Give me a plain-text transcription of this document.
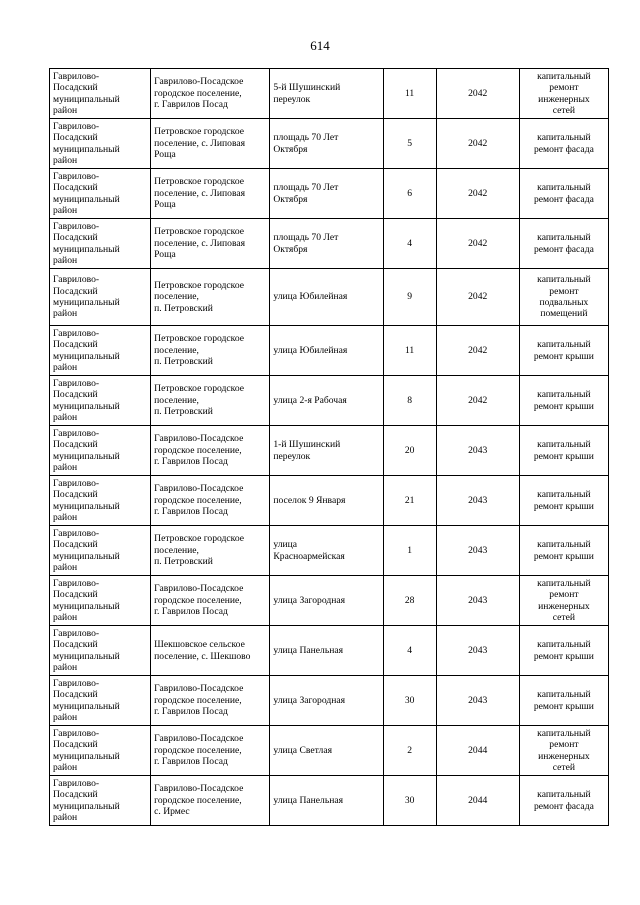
614
Гаврилово-
Посадский
муниципальный
район	Гаврилово-Посадское
городское поселение,
г. Гаврилов Посад	5-й Шушинский
переулок	11	2042	капитальный
ремонт
инженерных
сетей

Гаврилово-
Посадский
муниципальный
район	Петровское городское
поселение, с. Липовая
Роща	площадь 70 Лет
Октября	5	2042	капитальный
ремонт фасада

Гаврилово-
Посадский
муниципальный
район	Петровское городское
поселение, с. Липовая
Роща	площадь 70 Лет
Октября	6	2042	капитальный
ремонт фасада

Гаврилово-
Посадский
муниципальный
район	Петровское городское
поселение, с. Липовая
Роща	площадь 70 Лет
Октября	4	2042	капитальный
ремонт фасада

Гаврилово-
Посадский
муниципальный
район	Петровское городское
поселение,
п. Петровский	улица Юбилейная	9	2042	капитальный
ремонт
подвальных
помещений

Гаврилово-
Посадский
муниципальный
район	Петровское городское
поселение,
п. Петровский	улица Юбилейная	11	2042	капитальный
ремонт крыши

Гаврилово-
Посадский
муниципальный
район	Петровское городское
поселение,
п. Петровский	улица 2-я Рабочая	8	2042	капитальный
ремонт крыши

Гаврилово-
Посадский
муниципальный
район	Гаврилово-Посадское
городское поселение,
г. Гаврилов Посад	1-й Шушинский
переулок	20	2043	капитальный
ремонт крыши

Гаврилово-
Посадский
муниципальный
район	Гаврилово-Посадское
городское поселение,
г. Гаврилов Посад	поселок 9 Января	21	2043	капитальный
ремонт крыши

Гаврилово-
Посадский
муниципальный
район	Петровское городское
поселение,
п. Петровский	улица
Красноармейская	1	2043	капитальный
ремонт крыши

Гаврилово-
Посадский
муниципальный
район	Гаврилово-Посадское
городское поселение,
г. Гаврилов Посад	улица Загородная	28	2043	капитальный
ремонт
инженерных
сетей

Гаврилово-
Посадский
муниципальный
район	Шекшовское сельское
поселение, с. Шекшово	улица Панельная	4	2043	капитальный
ремонт крыши

Гаврилово-
Посадский
муниципальный
район	Гаврилово-Посадское
городское поселение,
г. Гаврилов Посад	улица Загородная	30	2043	капитальный
ремонт крыши

Гаврилово-
Посадский
муниципальный
район	Гаврилово-Посадское
городское поселение,
г. Гаврилов Посад	улица Светлая	2	2044	капитальный
ремонт
инженерных
сетей

Гаврилово-
Посадский
муниципальный
район	Гаврилово-Посадское
городское поселение,
с. Ирмес	улица Панельная	30	2044	капитальный
ремонт фасада
